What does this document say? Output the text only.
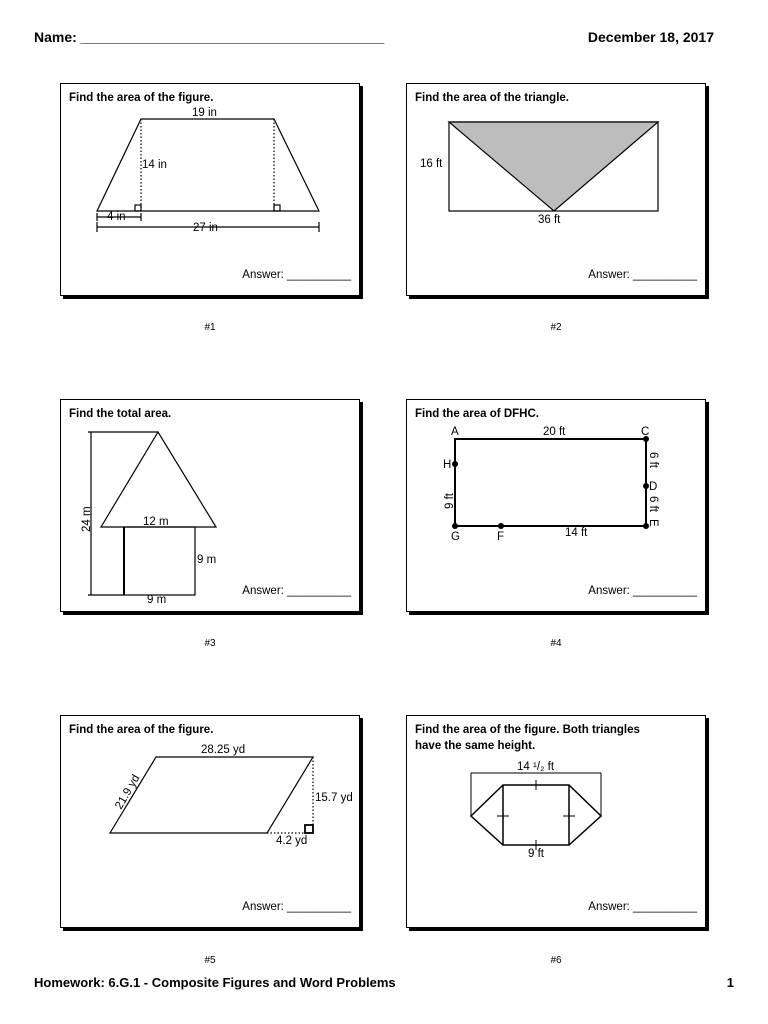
Name: _______________________________________	December 18, 2017
Find the area of the figure.
19 in
14 in
4 in
27 in
Answer: __________
#1
Find the area of the triangle.
16 ft
36 ft
Answer: __________
#2
Find the total area.
24 m	12 m
9 m
9 m
Answer: __________
#3
Find the area of DFHC.
A	C
H
D
G	F
E
20 ft
9 ft
14 ft
6 ft
6 ft
Answer: __________
#4
Find the area of the figure.
28.25 yd
21.9 yd	15.7 yd
4.2 yd
Answer: __________
#5
Find the area of the figure. Both triangles
have the same height.
14 ¹/₂ ft
9 ft
Answer: __________
#6
Homework: 6.G.1 - Composite Figures and Word Problems	1
